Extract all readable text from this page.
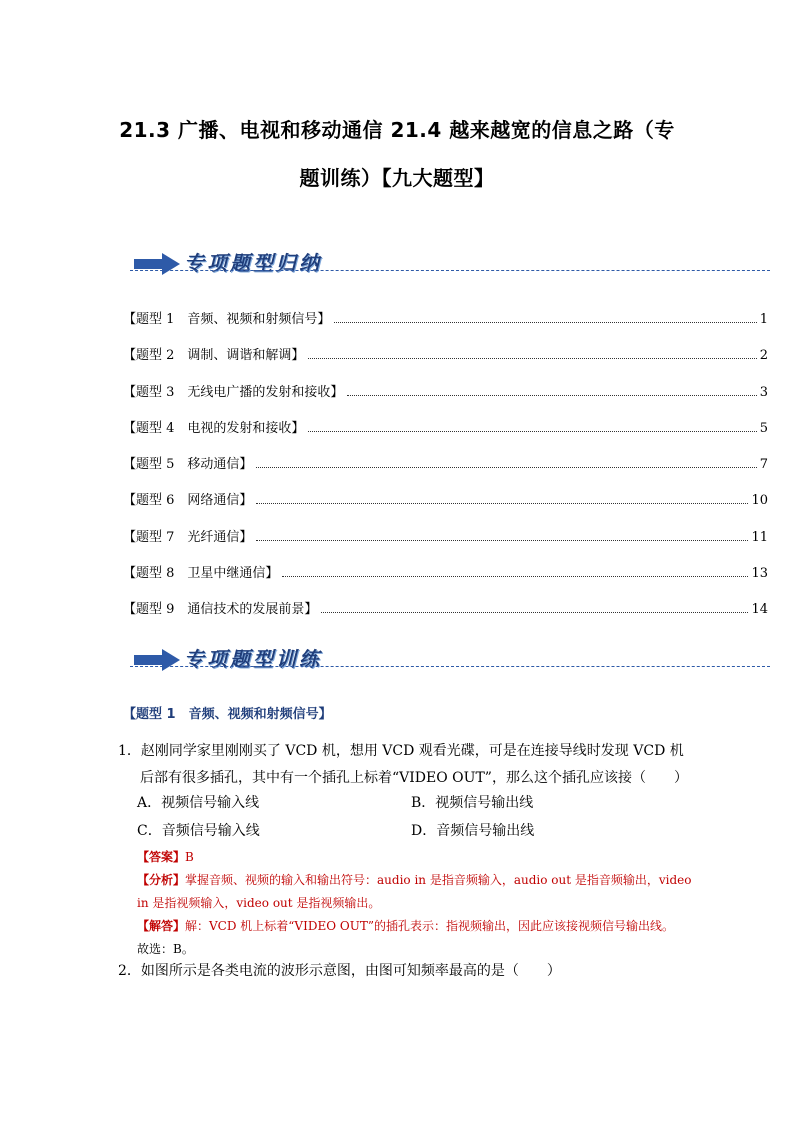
21.3 广播、电视和移动通信 21.4 越来越宽的信息之路（专
题训练）【九大题型】
专项题型归纳
【题型 1　音频、视频和射频信号】	1
【题型 2　调制、调谐和解调】	2
【题型 3　无线电广播的发射和接收】	3
【题型 4　电视的发射和接收】	5
【题型 5　移动通信】	7
【题型 6　网络通信】	10
【题型 7　光纤通信】	11
【题型 8　卫星中继通信】	13
【题型 9　通信技术的发展前景】	14
专项题型训练
【题型 1　音频、视频和射频信号】
1．赵刚同学家里刚刚买了 VCD 机，想用 VCD 观看光碟，可是在连接导线时发现 VCD 机
后部有很多插孔，其中有一个插孔上标着“VIDEO OUT”，那么这个插孔应该接（　　）
A．视频信号输入线	B．视频信号输出线
C．音频信号输入线	D．音频信号输出线
【答案】B
【分析】掌握音频、视频的输入和输出符号：audio in 是指音频输入，audio out 是指音频输出，video
in 是指视频输入，video out 是指视频输出。
【解答】解：VCD 机上标着“VIDEO OUT”的插孔表示：指视频输出，因此应该接视频信号输出线。
故选：B。
2．如图所示是各类电流的波形示意图，由图可知频率最高的是（　　）
